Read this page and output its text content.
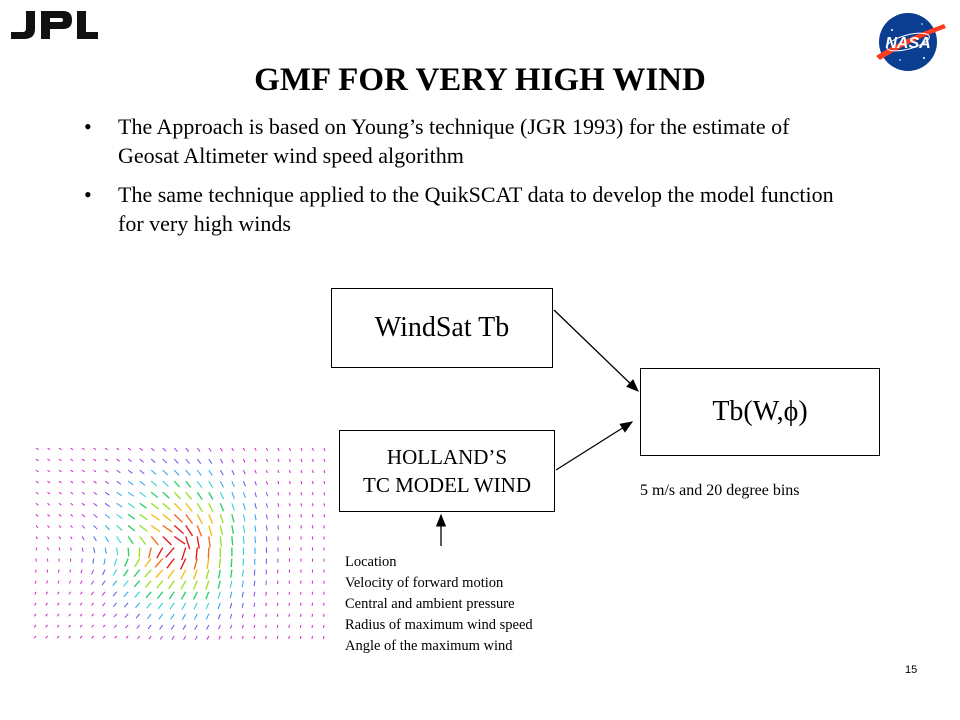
NASA
GMF FOR VERY HIGH WIND
• The Approach is based on Young’s technique (JGR 1993) for the estimate of Geosat Altimeter wind speed algorithm
• The same technique applied to the QuikSCAT data to develop the model function for very high winds
WindSat Tb
Tb(W,ϕ)
HOLLAND’S
TC MODEL WIND	5 m/s and 20 degree bins
Location
Velocity of forward motion
Central and ambient pressure
Radius of maximum wind speed
Angle of the maximum wind
15
